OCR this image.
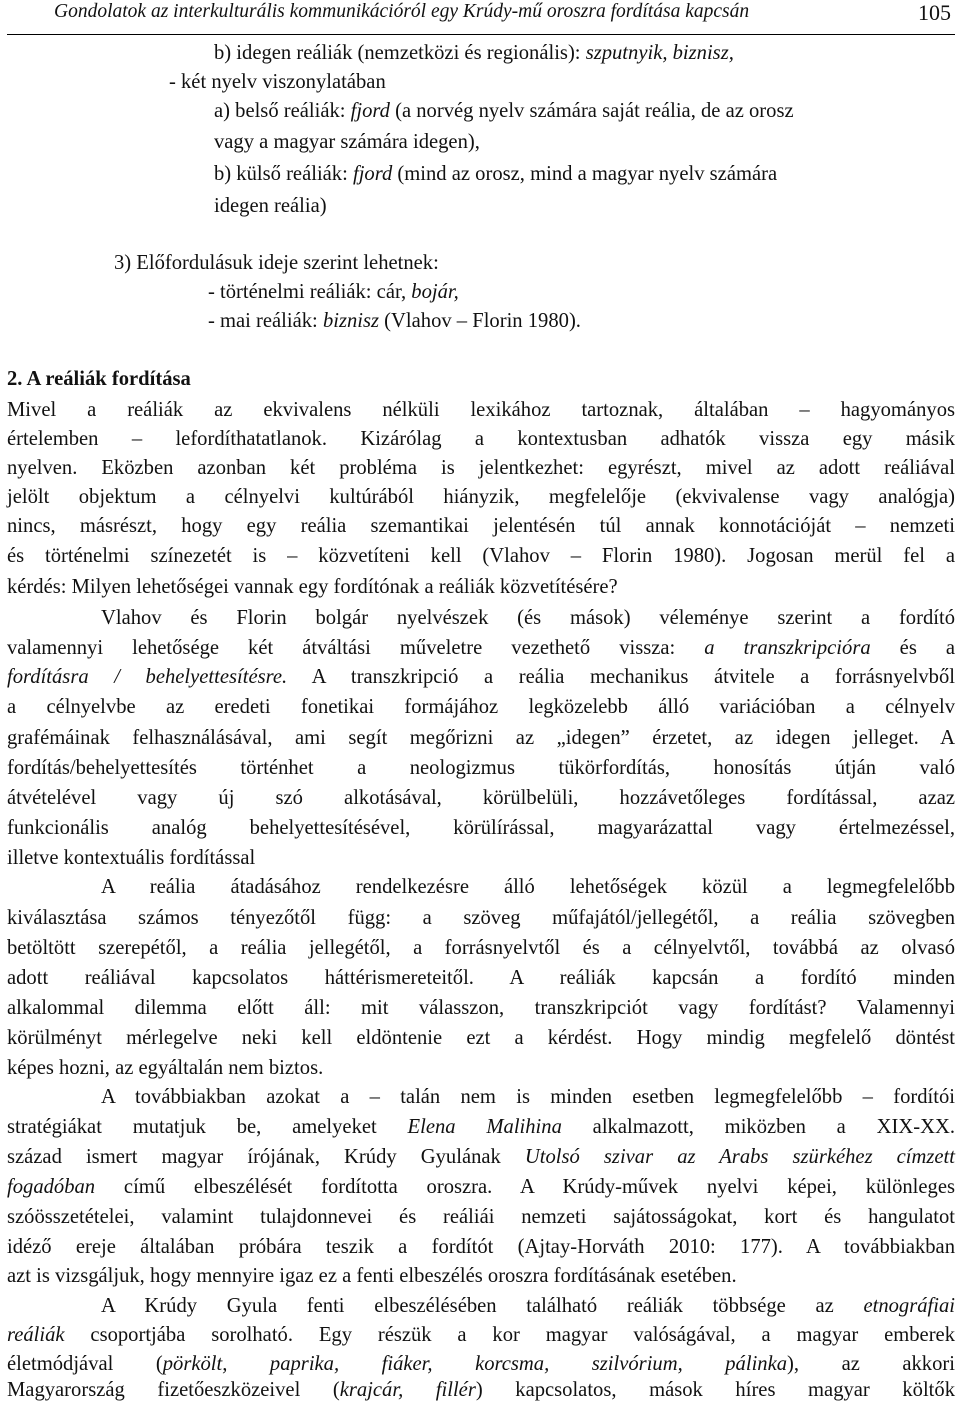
Gondolatok az interkulturális kommunikációról egy Krúdy-mű oroszra fordítása kapcsán	105
b) idegen reáliák (nemzetközi és regionális): szputnyik, biznisz,
- két nyelv viszonylatában
a) belső reáliák: fjord (a norvég nyelv számára saját reália, de az orosz
vagy a magyar számára idegen),
b) külső reáliák: fjord (mind az orosz, mind a magyar nyelv számára
idegen reália)
3) Előfordulásuk ideje szerint lehetnek:
- történelmi reáliák: cár, bojár,
- mai reáliák: biznisz (Vlahov – Florin 1980).
2. A reáliák fordítása
Mivel a reáliák az ekvivalens nélküli lexikához tartoznak, általában – hagyományos
értelemben – lefordíthatatlanok. Kizárólag a kontextusban adhatók vissza egy másik
nyelven. Eközben azonban két probléma is jelentkezhet: egyrészt, mivel az adott reáliával
jelölt objektum a célnyelvi kultúrából hiányzik, megfelelője (ekvivalense vagy analógja)
nincs, másrészt, hogy egy reália szemantikai jelentésén túl annak konnotációját – nemzeti
és történelmi színezetét is – közvetíteni kell (Vlahov – Florin 1980). Jogosan merül fel a
kérdés: Milyen lehetőségei vannak egy fordítónak a reáliák közvetítésére?
Vlahov és Florin bolgár nyelvészek (és mások) véleménye szerint a fordító
valamennyi lehetősége két átváltási műveletre vezethető vissza: a transzkripcióra és a
fordításra / behelyettesítésre. A transzkripció a reália mechanikus átvitele a forrásnyelvből
a célnyelvbe az eredeti fonetikai formájához legközelebb álló variációban a célnyelv
grafémáinak felhasználásával, ami segít megőrizni az „idegen” érzetet, az idegen jelleget. A
fordítás/behelyettesítés történhet a neologizmus tükörfordítás, honosítás útján való
átvételével vagy új szó alkotásával, körülbelüli, hozzávetőleges fordítással, azaz
funkcionális analóg behelyettesítésével, körülírással, magyarázattal vagy értelmezéssel,
illetve kontextuális fordítással
A reália átadásához rendelkezésre álló lehetőségek közül a legmegfelelőbb
kiválasztása számos tényezőtől függ: a szöveg műfajától/jellegétől, a reália szövegben
betöltött szerepétől, a reália jellegétől, a forrásnyelvtől és a célnyelvtől, továbbá az olvasó
adott reáliával kapcsolatos háttérismereteitől. A reáliák kapcsán a fordító minden
alkalommal dilemma előtt áll: mit válasszon, transzkripciót vagy fordítást? Valamennyi
körülményt mérlegelve neki kell eldöntenie ezt a kérdést. Hogy mindig megfelelő döntést
képes hozni, az egyáltalán nem biztos.
A továbbiakban azokat a – talán nem is minden esetben legmegfelelőbb – fordítói
stratégiákat mutatjuk be, amelyeket Elena Malihina alkalmazott, miközben a XIX-XX.
század ismert magyar írójának, Krúdy Gyulának Utolsó szivar az Arabs szürkéhez címzett
fogadóban című elbeszélését fordította oroszra. A Krúdy-művek nyelvi képei, különleges
szóösszetételei, valamint tulajdonnevei és reáliái nemzeti sajátosságokat, kort és hangulatot
idéző ereje általában próbára teszik a fordítót (Ajtay-Horváth 2010: 177). A továbbiakban
azt is vizsgáljuk, hogy mennyire igaz ez a fenti elbeszélés oroszra fordításának esetében.
A Krúdy Gyula fenti elbeszélésében található reáliák többsége az etnográfiai
reáliák csoportjába sorolható. Egy részük a kor magyar valóságával, a magyar emberek
életmódjával (pörkölt, paprika, fiáker, korcsma, szilvórium, pálinka), az akkori
Magyarország fizetőeszközeivel (krajcár, fillér) kapcsolatos, mások híres magyar költők
